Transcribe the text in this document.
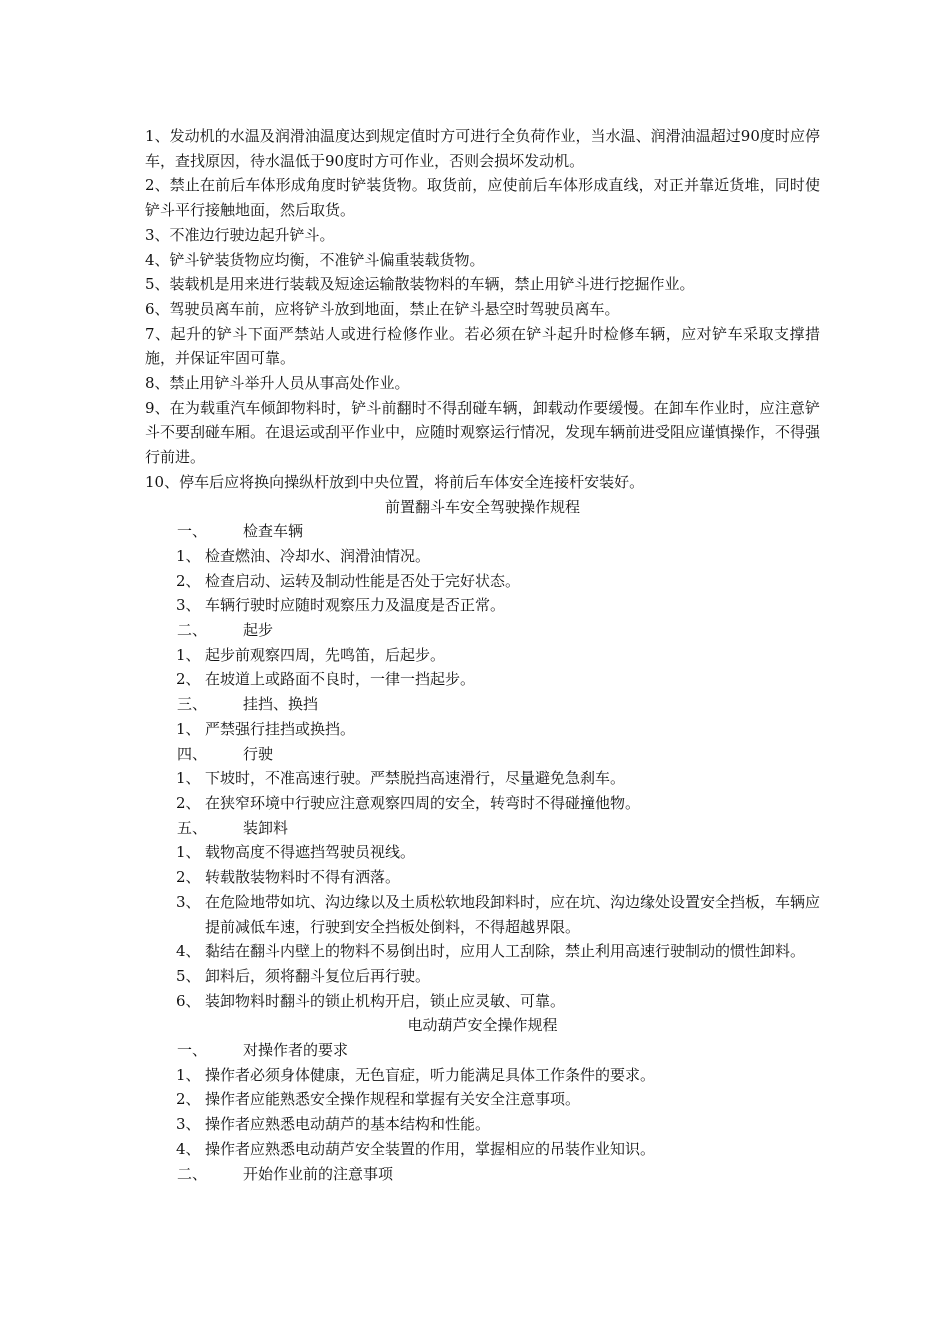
1、发动机的水温及润滑油温度达到规定值时方可进行全负荷作业，当水温、润滑油温超过90度时应停车，查找原因，待水温低于90度时方可作业，否则会损坏发动机。

2、禁止在前后车体形成角度时铲装货物。取货前，应使前后车体形成直线，对正并靠近货堆，同时使铲斗平行接触地面，然后取货。

3、不准边行驶边起升铲斗。

4、铲斗铲装货物应均衡，不准铲斗偏重装载货物。

5、装载机是用来进行装载及短途运输散装物料的车辆，禁止用铲斗进行挖掘作业。

6、驾驶员离车前，应将铲斗放到地面，禁止在铲斗悬空时驾驶员离车。

7、起升的铲斗下面严禁站人或进行检修作业。若必须在铲斗起升时检修车辆，应对铲车采取支撑措施，并保证牢固可靠。

8、禁止用铲斗举升人员从事高处作业。

9、在为载重汽车倾卸物料时，铲斗前翻时不得刮碰车辆，卸载动作要缓慢。在卸车作业时，应注意铲斗不要刮碰车厢。在退运或刮平作业中，应随时观察运行情况，发现车辆前进受阻应谨慎操作，不得强行前进。

10、停车后应将换向操纵杆放到中央位置，将前后车体安全连接杆安装好。

前置翻斗车安全驾驶操作规程

一、 检查车辆

1、 检查燃油、冷却水、润滑油情况。

2、 检查启动、运转及制动性能是否处于完好状态。

3、 车辆行驶时应随时观察压力及温度是否正常。

二、 起步

1、 起步前观察四周，先鸣笛，后起步。

2、 在坡道上或路面不良时，一律一挡起步。

三、 挂挡、换挡

1、 严禁强行挂挡或换挡。

四、 行驶

1、 下坡时，不准高速行驶。严禁脱挡高速滑行，尽量避免急刹车。

2、 在狭窄环境中行驶应注意观察四周的安全，转弯时不得碰撞他物。

五、 装卸料

1、 载物高度不得遮挡驾驶员视线。

2、 转载散装物料时不得有洒落。

3、 在危险地带如坑、沟边缘以及土质松软地段卸料时，应在坑、沟边缘处设置安全挡板，车辆应提前减低车速，行驶到安全挡板处倒料，不得超越界限。

4、 黏结在翻斗内壁上的物料不易倒出时，应用人工刮除，禁止利用高速行驶制动的惯性卸料。

5、 卸料后，须将翻斗复位后再行驶。

6、 装卸物料时翻斗的锁止机构开启，锁止应灵敏、可靠。

电动葫芦安全操作规程

一、 对操作者的要求

1、 操作者必须身体健康，无色盲症，听力能满足具体工作条件的要求。

2、 操作者应能熟悉安全操作规程和掌握有关安全注意事项。

3、 操作者应熟悉电动葫芦的基本结构和性能。

4、 操作者应熟悉电动葫芦安全装置的作用，掌握相应的吊装作业知识。

二、 开始作业前的注意事项
